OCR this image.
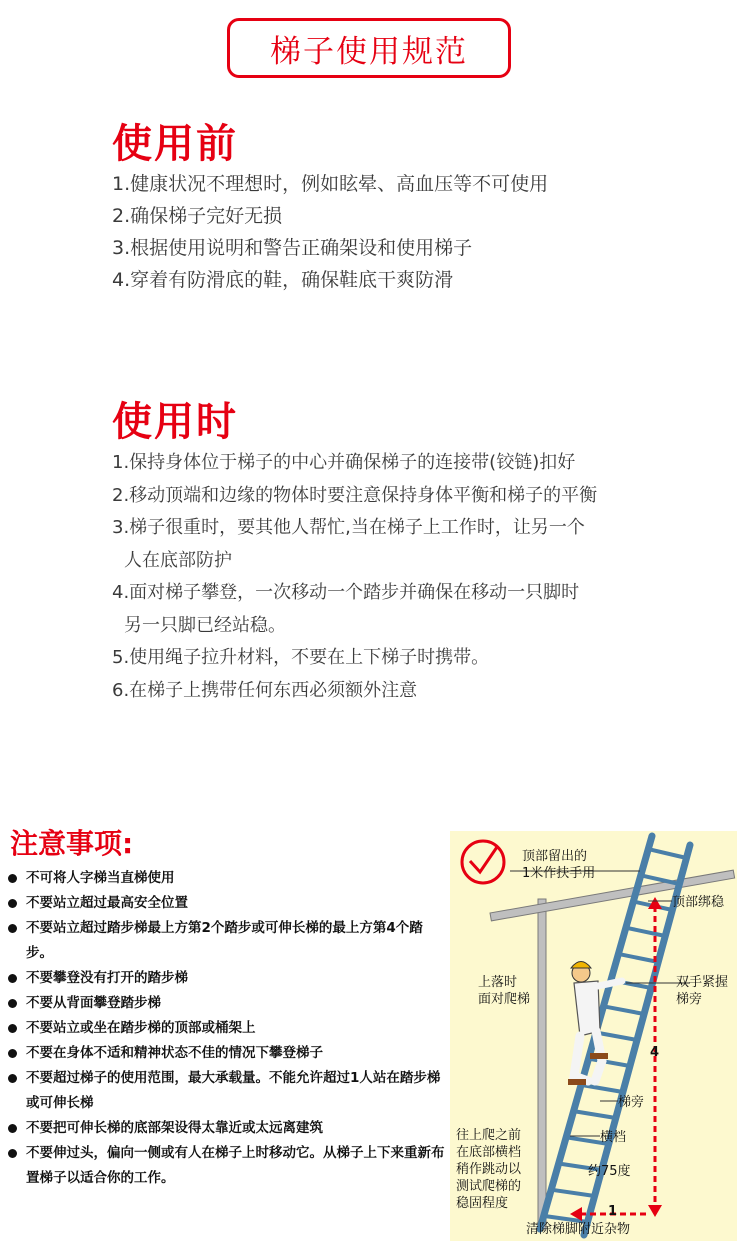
梯子使用规范
使用前
1.健康状况不理想时，例如眩晕、高血压等不可使用
2.确保梯子完好无损
3.根据使用说明和警告正确架设和使用梯子
4.穿着有防滑底的鞋，确保鞋底干爽防滑
使用时
1.保持身体位于梯子的中心并确保梯子的连接带(铰链)扣好
2.移动顶端和边缘的物体时要注意保持身体平衡和梯子的平衡
3.梯子很重时，要其他人帮忙,当在梯子上工作时，让另一个
人在底部防护
4.面对梯子攀登，一次移动一个踏步并确保在移动一只脚时
另一只脚已经站稳。
5.使用绳子拉升材料，不要在上下梯子时携带。
6.在梯子上携带任何东西必须额外注意
注意事项:
不可将人字梯当直梯使用
不要站立超过最高安全位置
不要站立超过踏步梯最上方第2个踏步或可伸长梯的最上方第4个踏步。
不要攀登没有打开的踏步梯
不要从背面攀登踏步梯
不要站立或坐在踏步梯的顶部或桶架上
不要在身体不适和精神状态不佳的情况下攀登梯子
不要超过梯子的使用范围，最大承载量。不能允许超过1人站在踏步梯或可伸长梯
不要把可伸长梯的底部架设得太靠近或太远离建筑
不要伸过头，偏向一侧或有人在梯子上时移动它。从梯子上下来重新布置梯子以适合你的工作。
顶部留出的
1米作扶手用
顶部绑稳
上落时
面对爬梯
双手紧握
梯旁
梯旁
横档
往上爬之前
在底部横档
稍作跳动以
测试爬梯的
稳固程度
约75度
清除梯脚附近杂物
4
1
